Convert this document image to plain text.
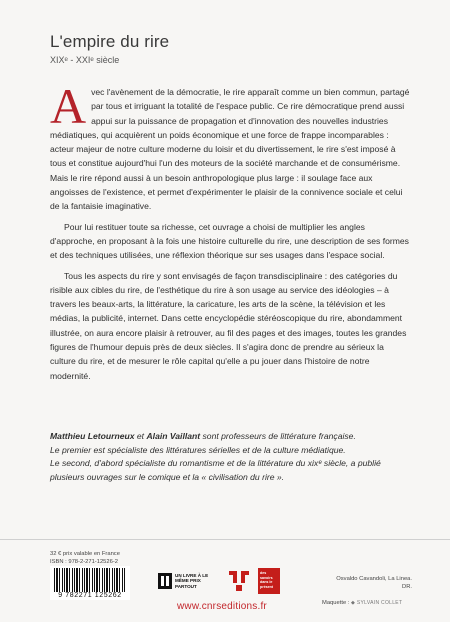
L'empire du rire
XIXᵉ - XXIᵉ siècle

Avec l'avènement de la démocratie, le rire apparaît comme un bien commun, partagé par tous et irriguant la totalité de l'espace public. Ce rire démocratique prend aussi appui sur la puissance de propagation et d'innovation des nouvelles industries médiatiques, qui acquièrent un poids économique et une force de frappe incomparables : acteur majeur de notre culture moderne du loisir et du divertissement, le rire s'est imposé à tous et constitue aujourd'hui l'un des moteurs de la société marchande et de consumérisme. Mais le rire répond aussi à un besoin anthropologique plus large : il soulage face aux angoisses de l'existence, et permet d'expérimenter le plaisir de la connivence sociale et celui de la fantaisie imaginative.

Pour lui restituer toute sa richesse, cet ouvrage a choisi de multiplier les angles d'approche, en proposant à la fois une histoire culturelle du rire, une description de ses formes et des techniques utilisées, une réflexion théorique sur ses usages dans l'espace social.

Tous les aspects du rire y sont envisagés de façon transdisciplinaire : des catégories du risible aux cibles du rire, de l'esthétique du rire à son usage au service des idéologies – à travers les beaux-arts, la littérature, la caricature, les arts de la scène, la télévision et les médias, la publicité, internet. Dans cette encyclopédie stéréoscopique du rire, abondamment illustrée, on aura encore plaisir à retrouver, au fil des pages et des images, toutes les grandes figures de l'humour depuis près de deux siècles. Il s'agira donc de prendre au sérieux la culture du rire, et de mesurer le rôle capital qu'elle a pu jouer dans l'histoire de notre modernité.

Matthieu Letourneux et Alain Vaillant sont professeurs de littérature française.
Le premier est spécialiste des littératures sérielles et de la culture médiatique.
Le second, d'abord spécialiste du romantisme et de la littérature du xixᵉ siècle, a publié plusieurs ouvrages sur le comique et la « civilisation du rire ».
32 € prix valable en France
ISBN : 978-2-271-12526-2
9 782271 125262
UN LIVRE À LE MÊME PRIX PARTOUT
des savoirs dans le présent
www.cnrseditions.fr
Osvaldo Cavandoli, La Linea.
DR.
Maquette : ◆ SYLVAIN COLLET
